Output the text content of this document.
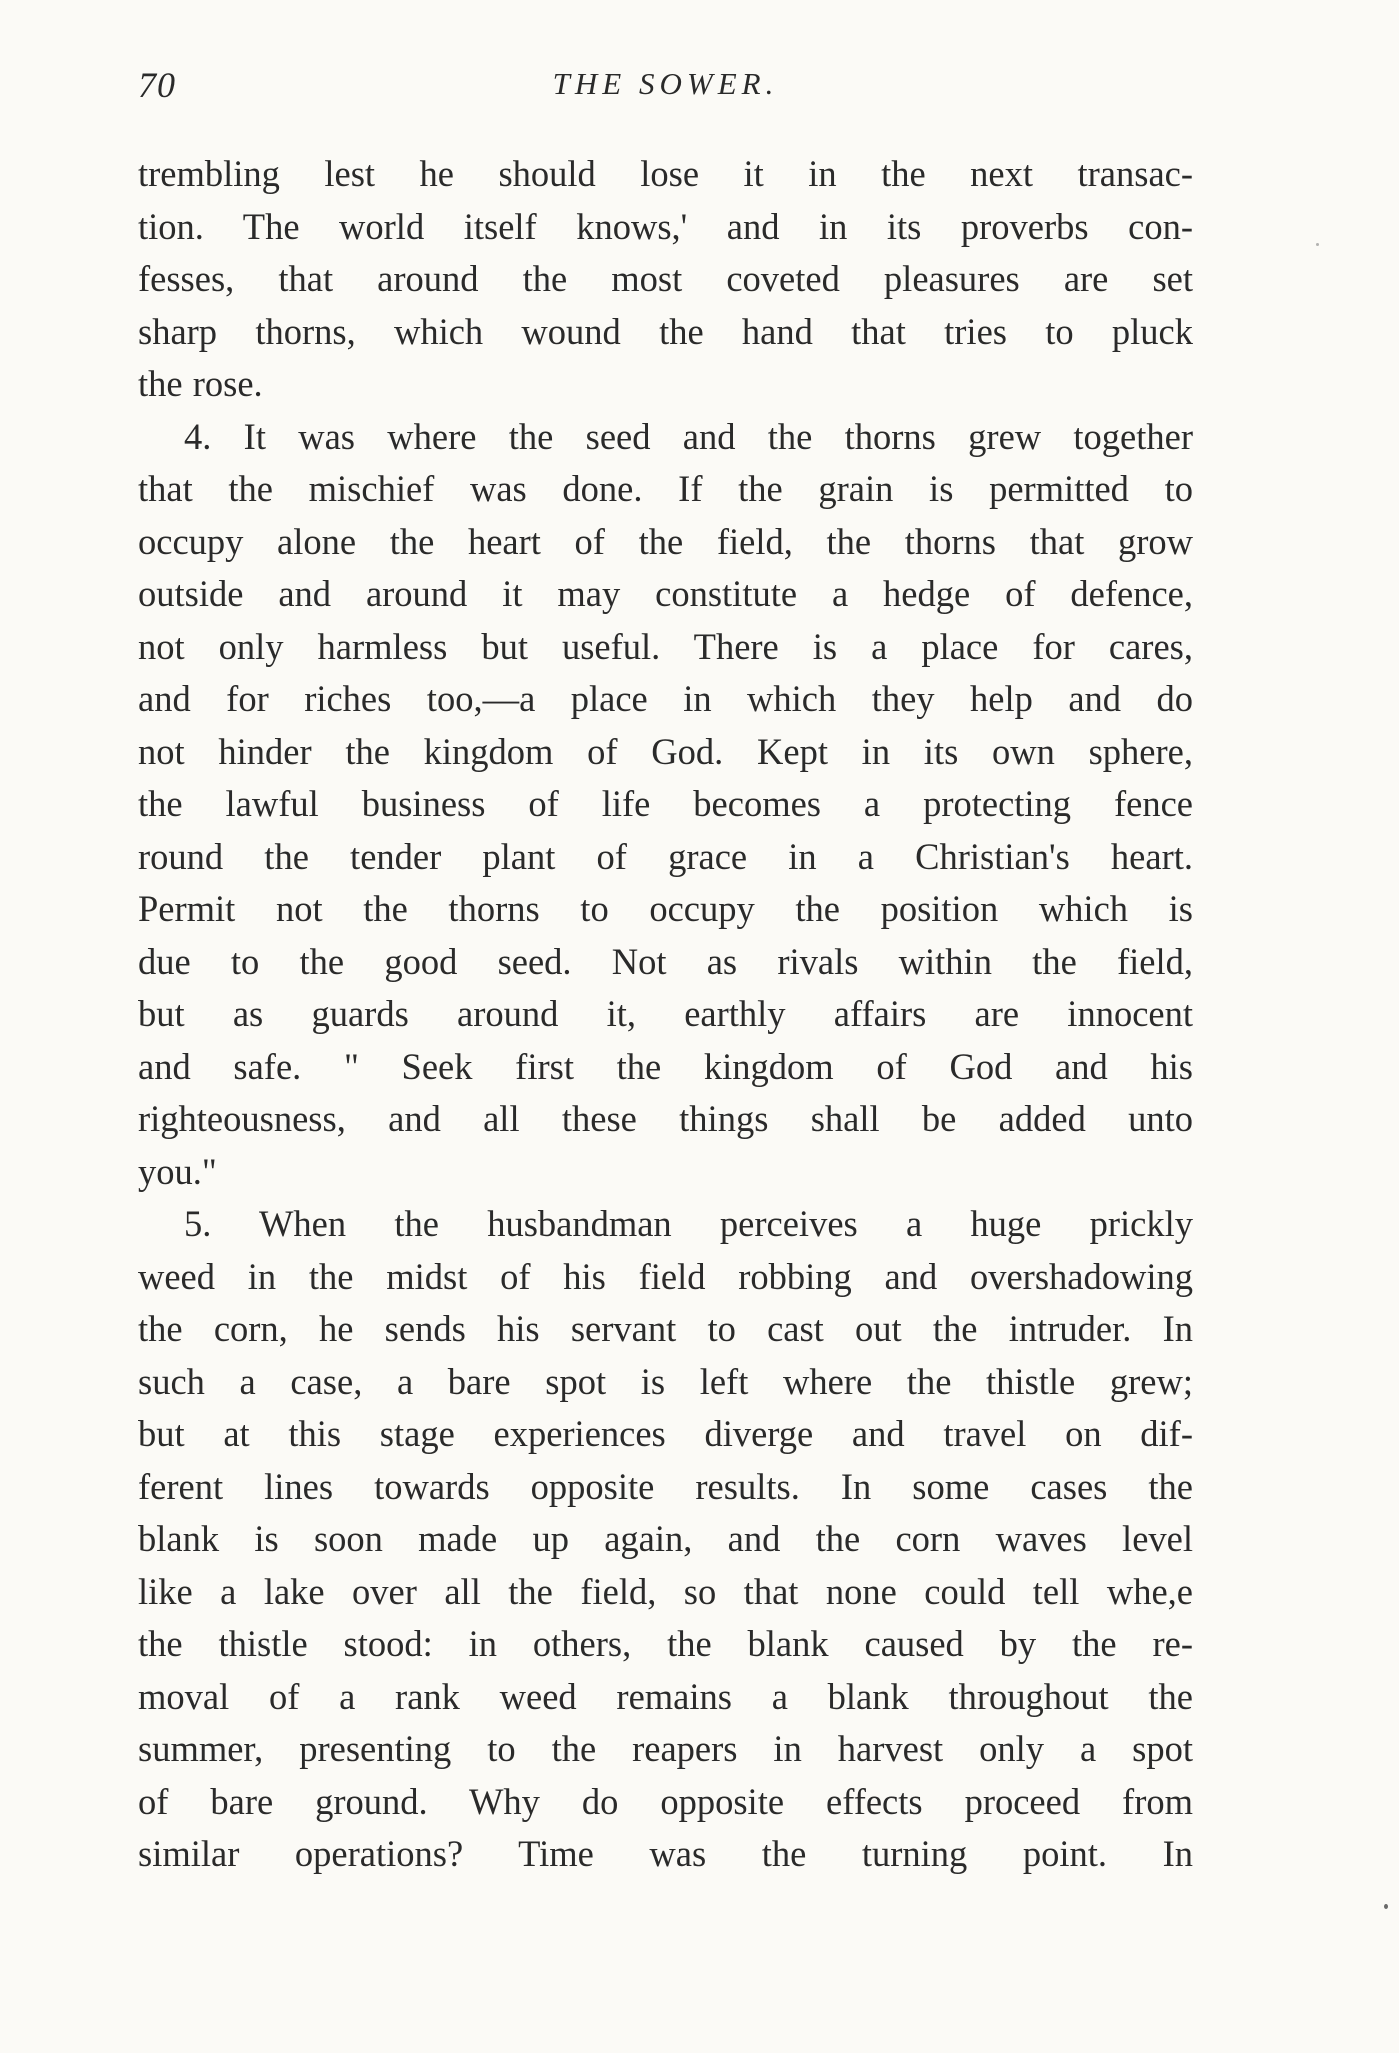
70	THE SOWER.
trembling lest he should lose it in the next transac-
tion. The world itself knows,' and in its proverbs con-
fesses, that around the most coveted pleasures are set
sharp thorns, which wound the hand that tries to pluck
the rose.
4. It was where the seed and the thorns grew together
that the mischief was done. If the grain is permitted to
occupy alone the heart of the field, the thorns that grow
outside and around it may constitute a hedge of defence,
not only harmless but useful. There is a place for cares,
and for riches too,—a place in which they help and do
not hinder the kingdom of God. Kept in its own sphere,
the lawful business of life becomes a protecting fence
round the tender plant of grace in a Christian's heart.
Permit not the thorns to occupy the position which is
due to the good seed. Not as rivals within the field,
but as guards around it, earthly affairs are innocent
and safe. " Seek first the kingdom of God and his
righteousness, and all these things shall be added unto
you."
5. When the husbandman perceives a huge prickly
weed in the midst of his field robbing and overshadowing
the corn, he sends his servant to cast out the intruder. In
such a case, a bare spot is left where the thistle grew;
but at this stage experiences diverge and travel on dif-
ferent lines towards opposite results. In some cases the
blank is soon made up again, and the corn waves level
like a lake over all the field, so that none could tell whe,e
the thistle stood: in others, the blank caused by the re-
moval of a rank weed remains a blank throughout the
summer, presenting to the reapers in harvest only a spot
of bare ground. Why do opposite effects proceed from
similar operations? Time was the turning point. In
